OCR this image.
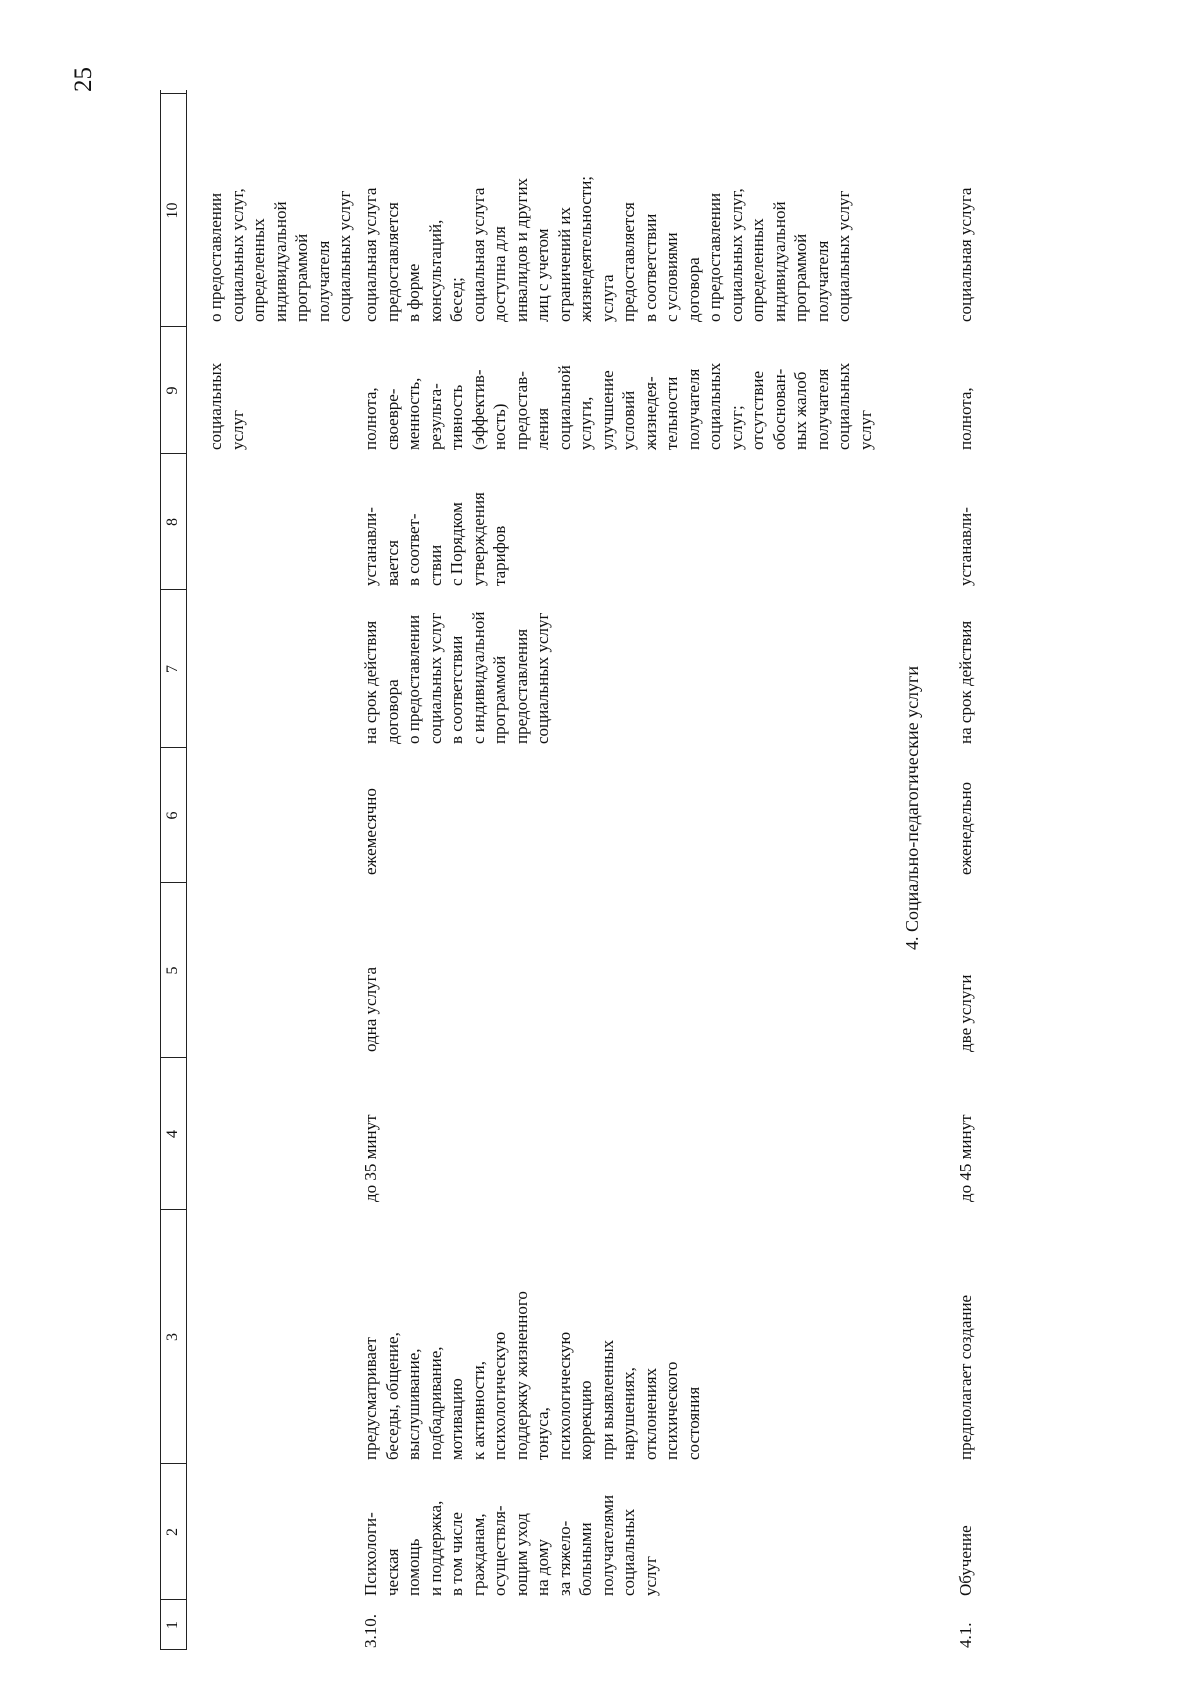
25
1
2
3
4
5
6
7
8
9
10

социальных услуг

о предоставлении социальных услуг, определенных индивидуальной программой получателя социальных услуг

3.10.

Психологи- ческая помощь и поддержка, в том числе гражданам, осуществля- ющим уход на дому за тяжело- больными получателями социальных услуг

предусматривает беседы, общение, выслушивание, подбадривание, мотивацию к активности, психологическую поддержку жизненного тонуса, психологическую коррекцию при выявленных нарушениях, отклонениях психического состояния

до 35 минут
одна услуга
ежемесячно

на срок действия договора о предоставлении социальных услуг в соответствии с индивидуальной программой предоставления социальных услуг

устанавли- вается в соответ- ствии с Порядком утверждения тарифов

полнота, своевре- менность, результа- тивность (эффектив- ность) предостав- ления социальной услуги, улучшение условий жизнедея- тельности получателя социальных услуг; отсутствие обоснован- ных жалоб получателя социальных услуг

социальная услуга предоставляется в форме консультаций, бесед; социальная услуга доступна для инвалидов и других лиц с учетом ограничений их жизнедеятельности; услуга предоставляется в соответствии с условиями договора о предоставлении социальных услуг, определенных индивидуальной программой получателя социальных услуг

4. Социально-педагогические услуги
4.1.
Обучение
предполагает создание
до 45 минут
две услуги
еженедельно
на срок действия
устанавли-
полнота,
социальная услуга
